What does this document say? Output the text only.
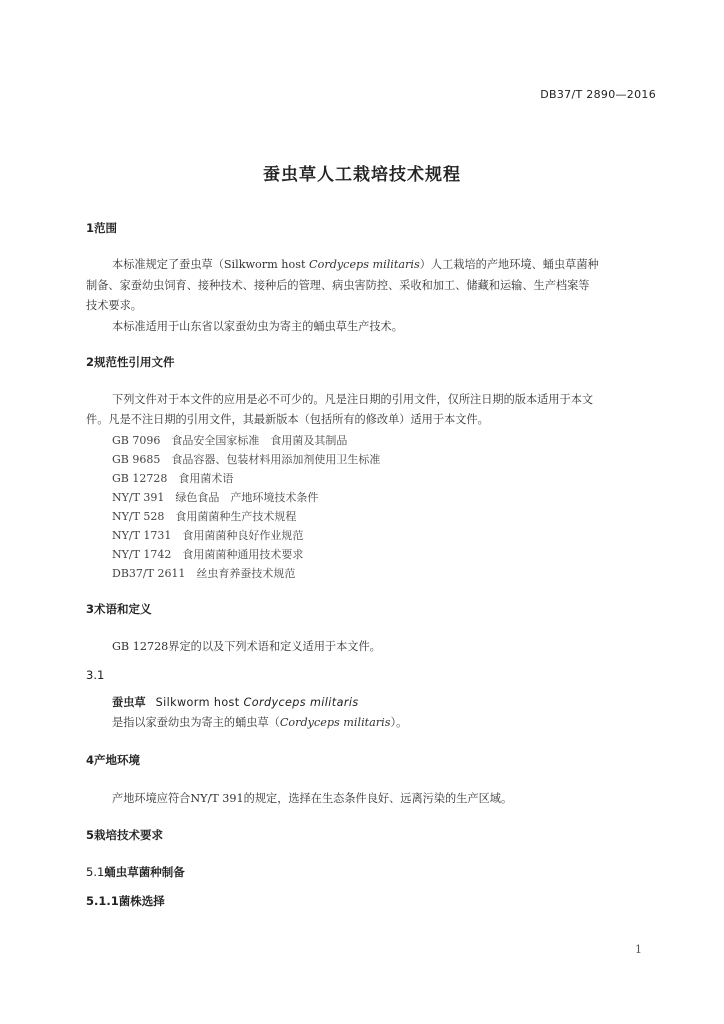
DB37/T 2890—2016
蚕虫草人工栽培技术规程
1范围
本标准规定了蚕虫草（Silkworm host Cordyceps militaris）人工栽培的产地环境、蛹虫草菌种
制备、家蚕幼虫饲育、接种技术、接种后的管理、病虫害防控、采收和加工、储藏和运输、生产档案等
技术要求。
本标准适用于山东省以家蚕幼虫为寄主的蛹虫草生产技术。
2规范性引用文件
下列文件对于本文件的应用是必不可少的。凡是注日期的引用文件，仅所注日期的版本适用于本文
件。凡是不注日期的引用文件，其最新版本（包括所有的修改单）适用于本文件。
GB 7096　食品安全国家标准　食用菌及其制品
GB 9685　食品容器、包装材料用添加剂使用卫生标准
GB 12728　食用菌术语
NY/T 391　绿色食品　产地环境技术条件
NY/T 528　食用菌菌种生产技术规程
NY/T 1731　食用菌菌种良好作业规范
NY/T 1742　食用菌菌种通用技术要求
DB37/T 2611　丝虫育养蚕技术规范
3术语和定义
GB 12728界定的以及下列术语和定义适用于本文件。
3.1
蚕虫草 Silkworm host Cordyceps militaris
是指以家蚕幼虫为寄主的蛹虫草（Cordyceps militaris）。
4产地环境
产地环境应符合NY/T 391的规定，选择在生态条件良好、远离污染的生产区域。
5栽培技术要求
5.1蛹虫草菌种制备
5.1.1菌株选择
1
